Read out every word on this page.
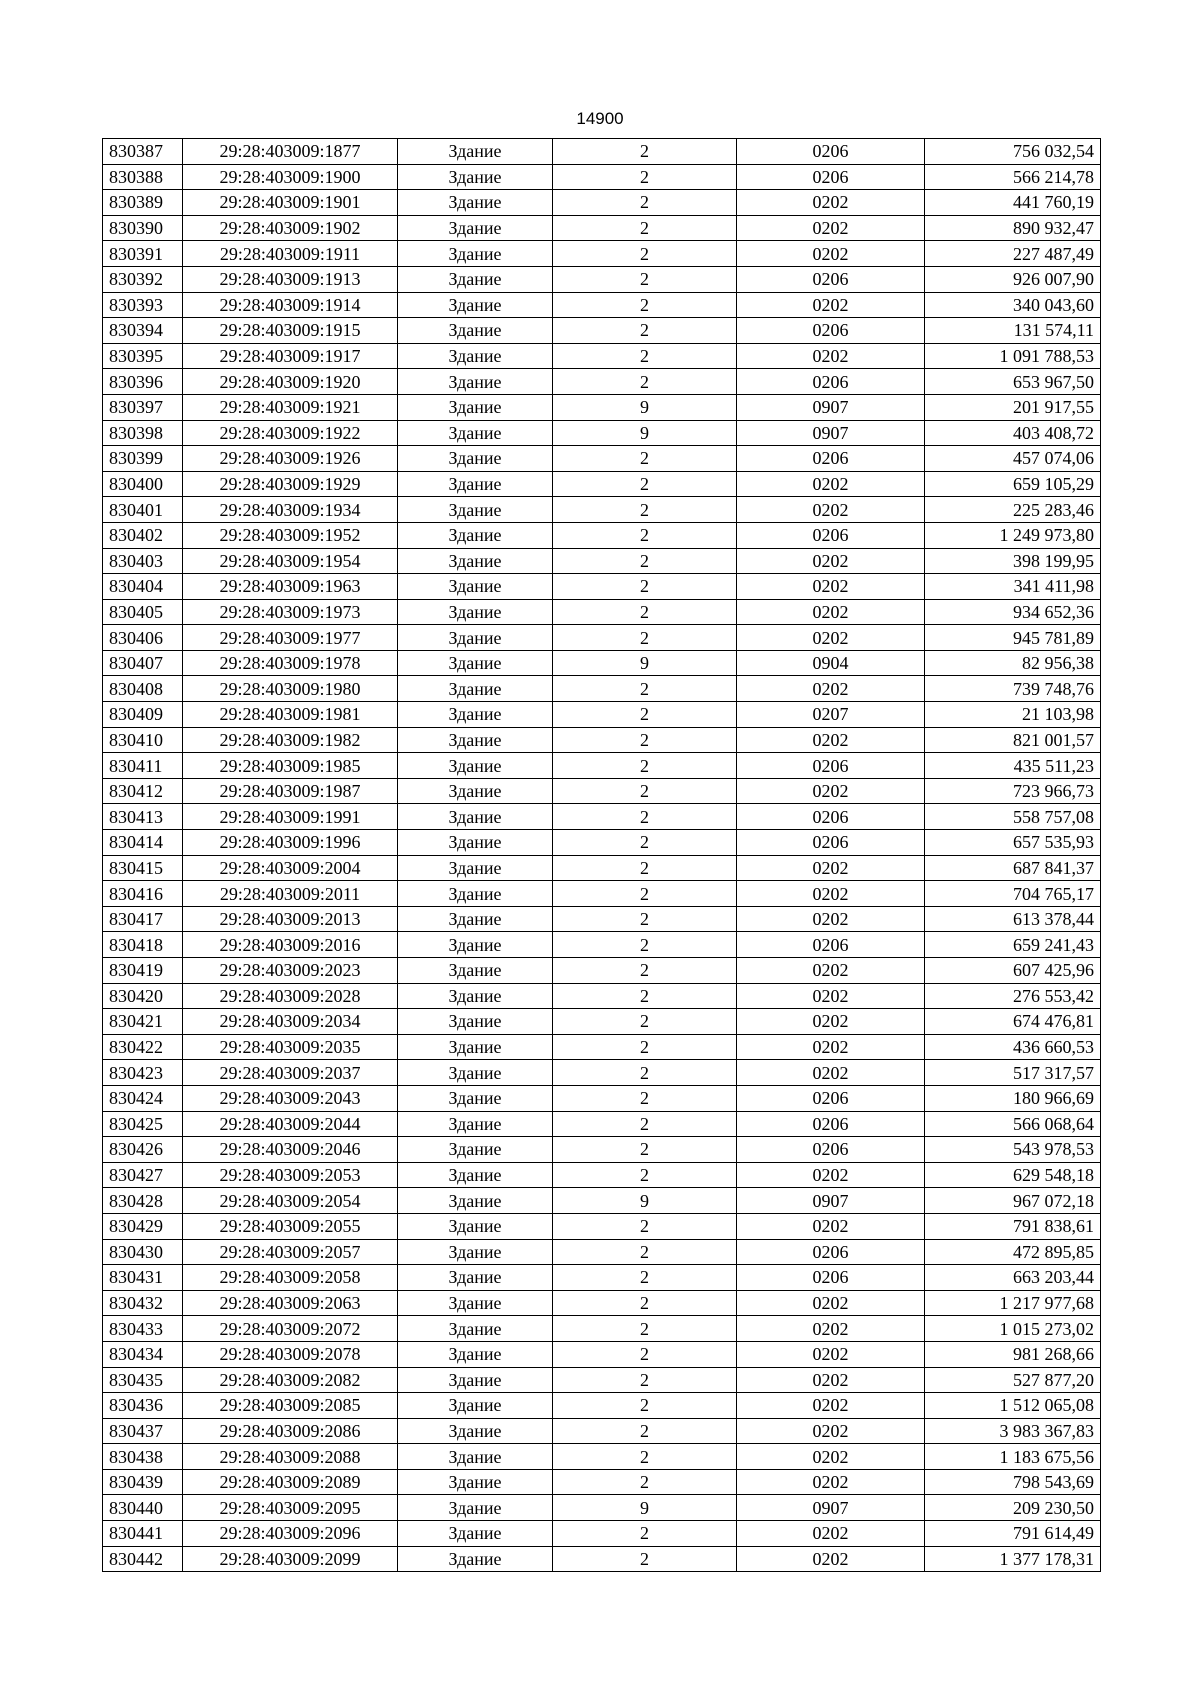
14900
830387	29:28:403009:1877	Здание	2	0206	756 032,54
830388	29:28:403009:1900	Здание	2	0206	566 214,78
830389	29:28:403009:1901	Здание	2	0202	441 760,19
830390	29:28:403009:1902	Здание	2	0202	890 932,47
830391	29:28:403009:1911	Здание	2	0202	227 487,49
830392	29:28:403009:1913	Здание	2	0206	926 007,90
830393	29:28:403009:1914	Здание	2	0202	340 043,60
830394	29:28:403009:1915	Здание	2	0206	131 574,11
830395	29:28:403009:1917	Здание	2	0202	1 091 788,53
830396	29:28:403009:1920	Здание	2	0206	653 967,50
830397	29:28:403009:1921	Здание	9	0907	201 917,55
830398	29:28:403009:1922	Здание	9	0907	403 408,72
830399	29:28:403009:1926	Здание	2	0206	457 074,06
830400	29:28:403009:1929	Здание	2	0202	659 105,29
830401	29:28:403009:1934	Здание	2	0202	225 283,46
830402	29:28:403009:1952	Здание	2	0206	1 249 973,80
830403	29:28:403009:1954	Здание	2	0202	398 199,95
830404	29:28:403009:1963	Здание	2	0202	341 411,98
830405	29:28:403009:1973	Здание	2	0202	934 652,36
830406	29:28:403009:1977	Здание	2	0202	945 781,89
830407	29:28:403009:1978	Здание	9	0904	82 956,38
830408	29:28:403009:1980	Здание	2	0202	739 748,76
830409	29:28:403009:1981	Здание	2	0207	21 103,98
830410	29:28:403009:1982	Здание	2	0202	821 001,57
830411	29:28:403009:1985	Здание	2	0206	435 511,23
830412	29:28:403009:1987	Здание	2	0202	723 966,73
830413	29:28:403009:1991	Здание	2	0206	558 757,08
830414	29:28:403009:1996	Здание	2	0206	657 535,93
830415	29:28:403009:2004	Здание	2	0202	687 841,37
830416	29:28:403009:2011	Здание	2	0202	704 765,17
830417	29:28:403009:2013	Здание	2	0202	613 378,44
830418	29:28:403009:2016	Здание	2	0206	659 241,43
830419	29:28:403009:2023	Здание	2	0202	607 425,96
830420	29:28:403009:2028	Здание	2	0202	276 553,42
830421	29:28:403009:2034	Здание	2	0202	674 476,81
830422	29:28:403009:2035	Здание	2	0202	436 660,53
830423	29:28:403009:2037	Здание	2	0202	517 317,57
830424	29:28:403009:2043	Здание	2	0206	180 966,69
830425	29:28:403009:2044	Здание	2	0206	566 068,64
830426	29:28:403009:2046	Здание	2	0206	543 978,53
830427	29:28:403009:2053	Здание	2	0202	629 548,18
830428	29:28:403009:2054	Здание	9	0907	967 072,18
830429	29:28:403009:2055	Здание	2	0202	791 838,61
830430	29:28:403009:2057	Здание	2	0206	472 895,85
830431	29:28:403009:2058	Здание	2	0206	663 203,44
830432	29:28:403009:2063	Здание	2	0202	1 217 977,68
830433	29:28:403009:2072	Здание	2	0202	1 015 273,02
830434	29:28:403009:2078	Здание	2	0202	981 268,66
830435	29:28:403009:2082	Здание	2	0202	527 877,20
830436	29:28:403009:2085	Здание	2	0202	1 512 065,08
830437	29:28:403009:2086	Здание	2	0202	3 983 367,83
830438	29:28:403009:2088	Здание	2	0202	1 183 675,56
830439	29:28:403009:2089	Здание	2	0202	798 543,69
830440	29:28:403009:2095	Здание	9	0907	209 230,50
830441	29:28:403009:2096	Здание	2	0202	791 614,49
830442	29:28:403009:2099	Здание	2	0202	1 377 178,31
